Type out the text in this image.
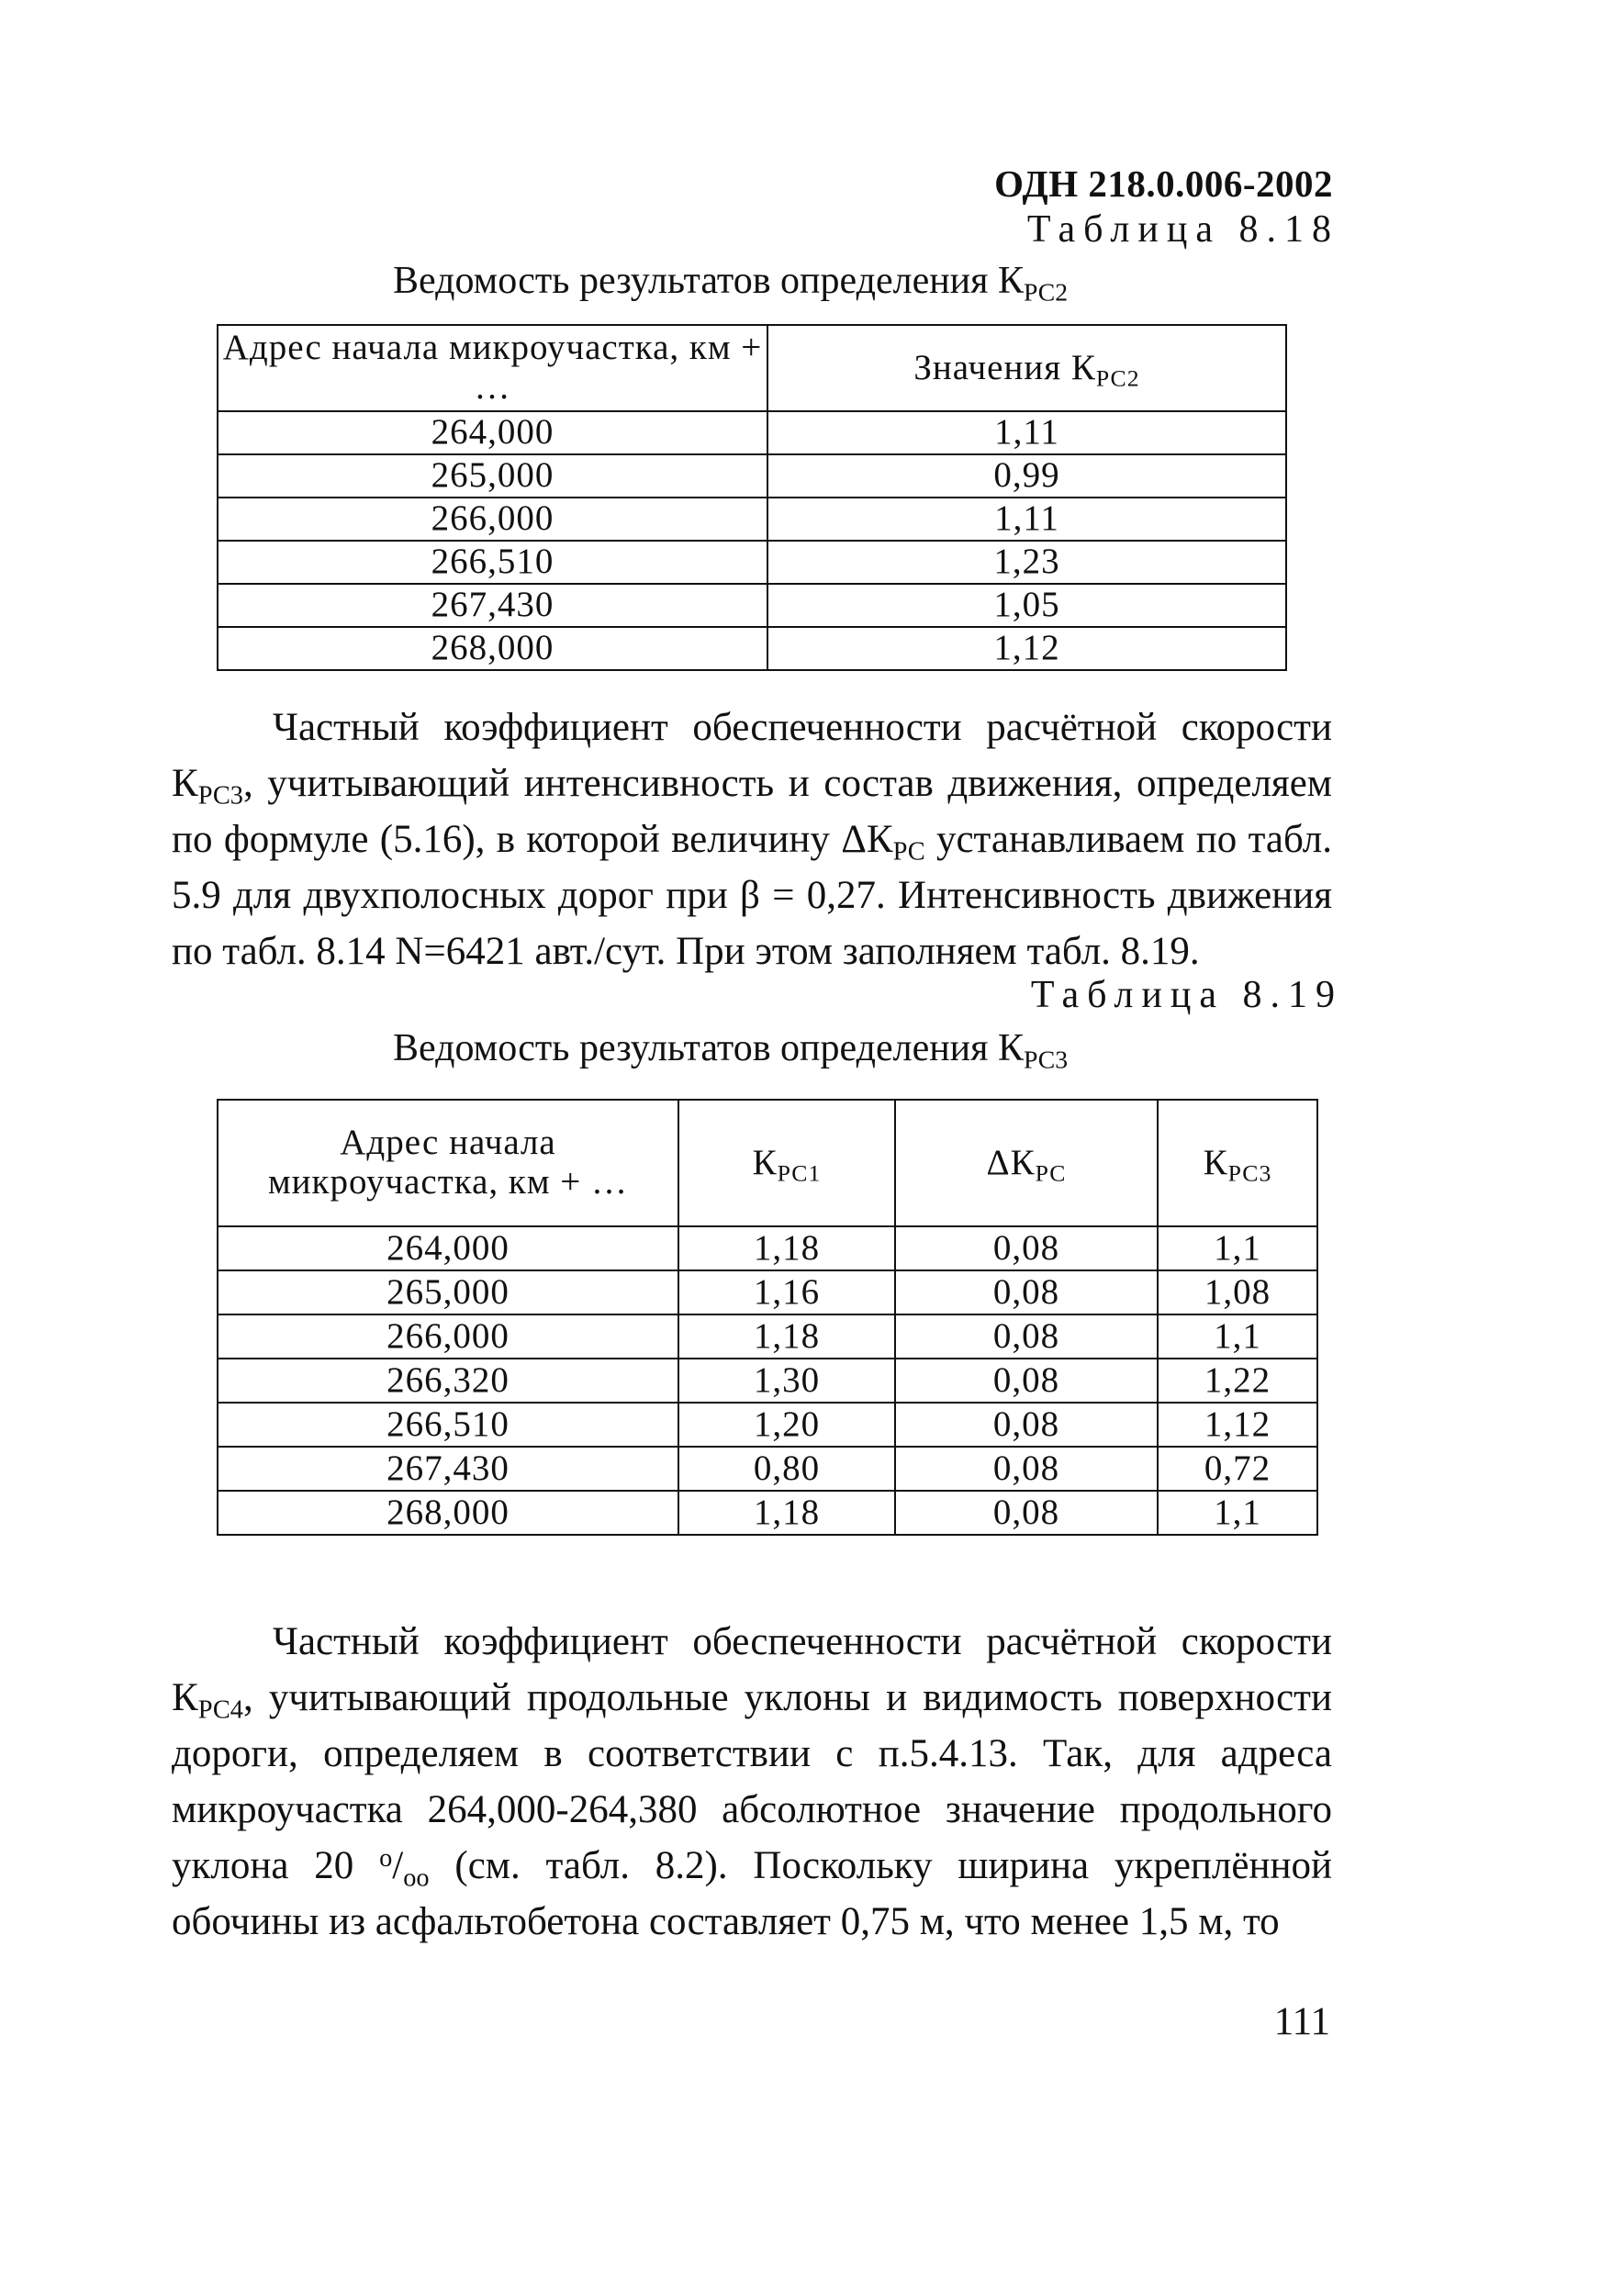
ОДН 218.0.006-2002
Таблица 8.18
Ведомость результатов определения $К_{РС2}$
Адрес начала микроучастка, км + …	Значения $К_{РС2}$
264,000	1,11
265,000	0,99
266,000	1,11
266,510	1,23
267,430	1,05
268,000	1,12
Частный коэффициент обеспеченности расчётной скорости $К_{РС3}$, учитывающий интенсивность и состав движения, определяем по формуле (5.16), в которой величину $\Delta К_{РС}$ устанавливаем по табл. 5.9 для двухполосных дорог при β = 0,27. Интенсивность движения по табл. 8.14 N=6421 авт./сут. При этом заполняем табл. 8.19.
Таблица 8.19
Ведомость результатов определения $К_{РС3}$
Адрес начала микроучастка, км + …	$К_{РС1}$	$\Delta К_{РС}$	$К_{РС3}$
264,000	1,18	0,08	1,1
265,000	1,16	0,08	1,08
266,000	1,18	0,08	1,1
266,320	1,30	0,08	1,22
266,510	1,20	0,08	1,12
267,430	0,80	0,08	0,72
268,000	1,18	0,08	1,1
Частный коэффициент обеспеченности расчётной скорости $К_{РС4}$, учитывающий продольные уклоны и видимость поверхности дороги, определяем в соответствии с п.5.4.13. Так, для адреса микроучастка 264,000-264,380 абсолютное значение продольного уклона 20 $^о/_{оо}$ (см. табл. 8.2). Поскольку ширина укреплённой обочины из асфальтобетона составляет 0,75 м, что менее 1,5 м, то
111
